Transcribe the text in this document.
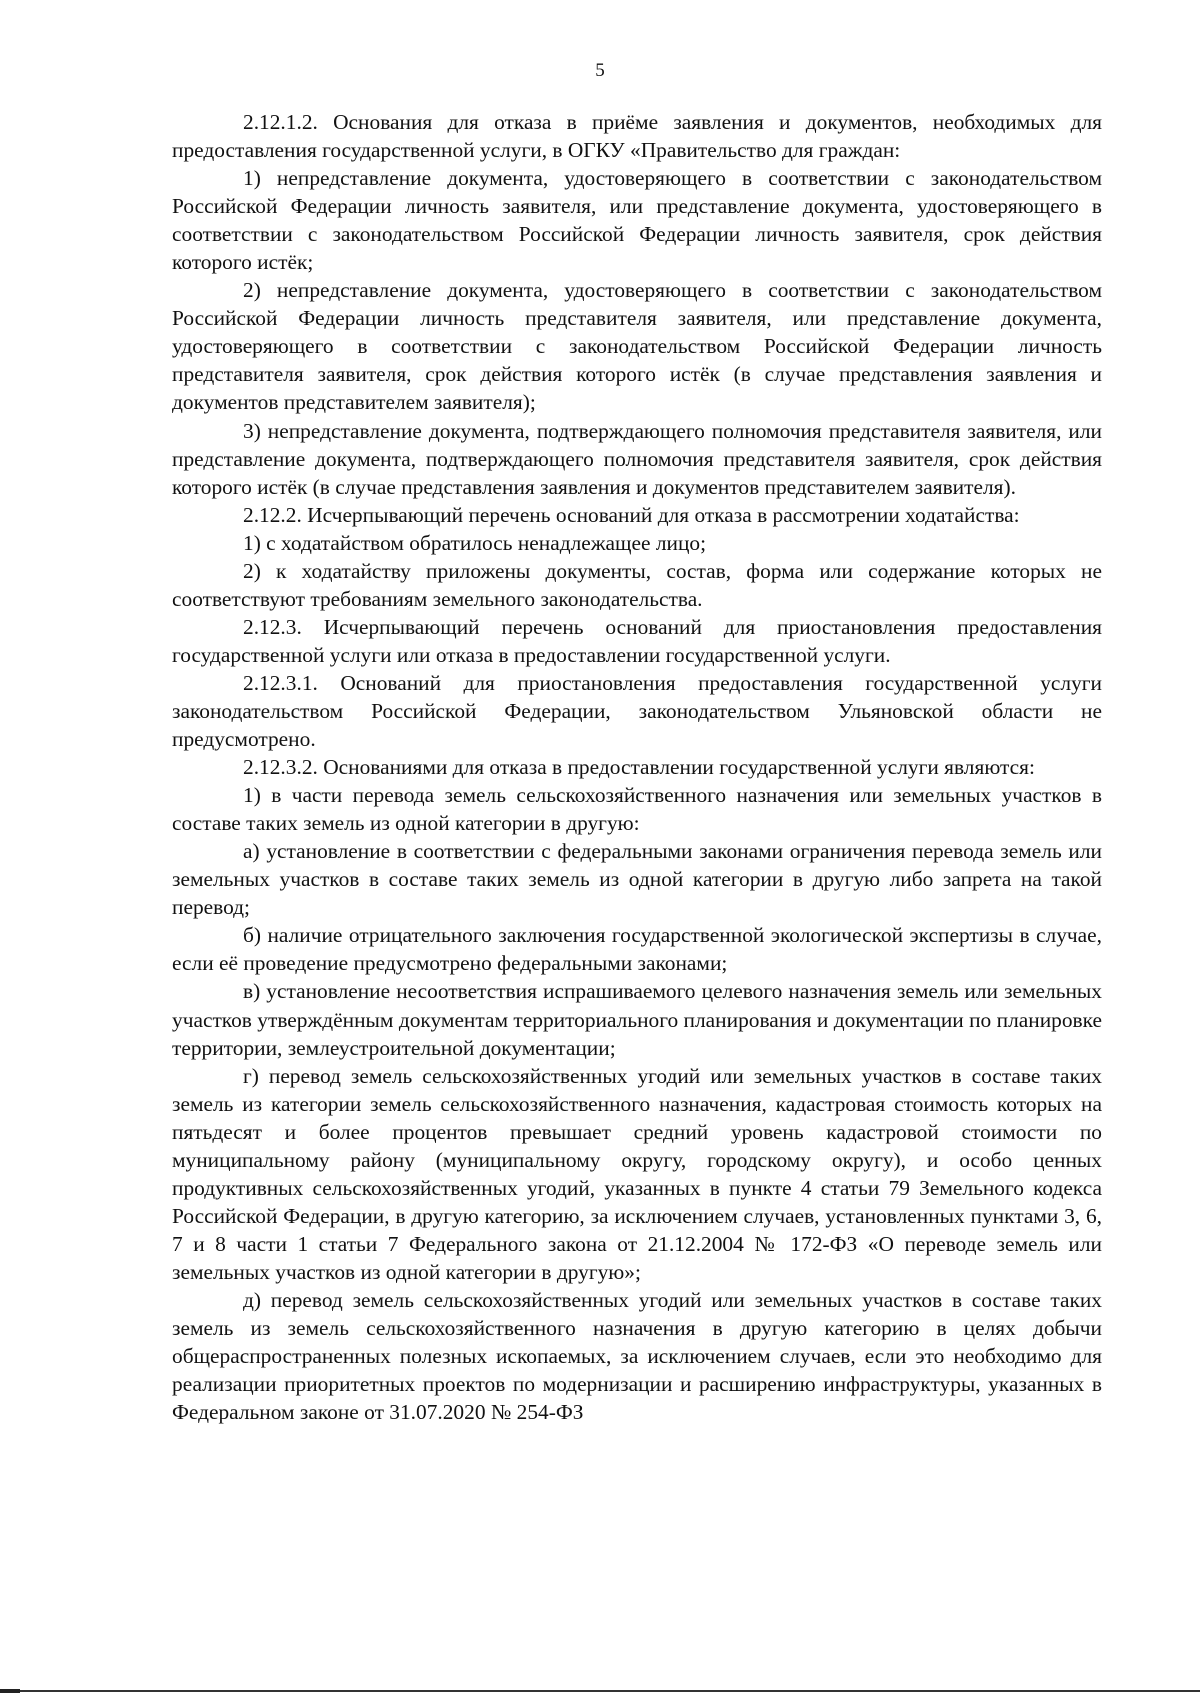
5

2.12.1.2. Основания для отказа в приёме заявления и документов, необходимых для предоставления государственной услуги, в ОГКУ «Правительство для граждан:

1) непредставление документа, удостоверяющего в соответствии с законодательством Российской Федерации личность заявителя, или представление документа, удостоверяющего в соответствии с законодательством Российской Федерации личность заявителя, срок действия которого истёк;

2) непредставление документа, удостоверяющего в соответствии с законодательством Российской Федерации личность представителя заявителя, или представление документа, удостоверяющего в соответствии с законодательством Российской Федерации личность представителя заявителя, срок действия которого истёк (в случае представления заявления и документов представителем заявителя);

3) непредставление документа, подтверждающего полномочия представителя заявителя, или представление документа, подтверждающего полномочия представителя заявителя, срок действия которого истёк (в случае представления заявления и документов представителем заявителя).

2.12.2. Исчерпывающий перечень оснований для отказа в рассмотрении ходатайства:

1) с ходатайством обратилось ненадлежащее лицо;

2) к ходатайству приложены документы, состав, форма или содержание которых не соответствуют требованиям земельного законодательства.

2.12.3. Исчерпывающий перечень оснований для приостановления предоставления государственной услуги или отказа в предоставлении государственной услуги.

2.12.3.1. Оснований для приостановления предоставления государственной услуги законодательством Российской Федерации, законодательством Ульяновской области не предусмотрено.

2.12.3.2. Основаниями для отказа в предоставлении государственной услуги являются:

1) в части перевода земель сельскохозяйственного назначения или земельных участков в составе таких земель из одной категории в другую:

а) установление в соответствии с федеральными законами ограничения перевода земель или земельных участков в составе таких земель из одной категории в другую либо запрета на такой перевод;

б) наличие отрицательного заключения государственной экологической экспертизы в случае, если её проведение предусмотрено федеральными законами;

в) установление несоответствия испрашиваемого целевого назначения земель или земельных участков утверждённым документам территориального планирования и документации по планировке территории, землеустроительной документации;

г) перевод земель сельскохозяйственных угодий или земельных участков в составе таких земель из категории земель сельскохозяйственного назначения, кадастровая стоимость которых на пятьдесят и более процентов превышает средний уровень кадастровой стоимости по муниципальному району (муниципальному округу, городскому округу), и особо ценных продуктивных сельскохозяйственных угодий, указанных в пункте 4 статьи 79 Земельного кодекса Российской Федерации, в другую категорию, за исключением случаев, установленных пунктами 3, 6, 7 и 8 части 1 статьи 7 Федерального закона от 21.12.2004 № 172-ФЗ «О переводе земель или земельных участков из одной категории в другую»;

д) перевод земель сельскохозяйственных угодий или земельных участков в составе таких земель из земель сельскохозяйственного назначения в другую категорию в целях добычи общераспространенных полезных ископаемых, за исключением случаев, если это необходимо для реализации приоритетных проектов по модернизации и расширению инфраструктуры, указанных в Федеральном законе от 31.07.2020 № 254-ФЗ
